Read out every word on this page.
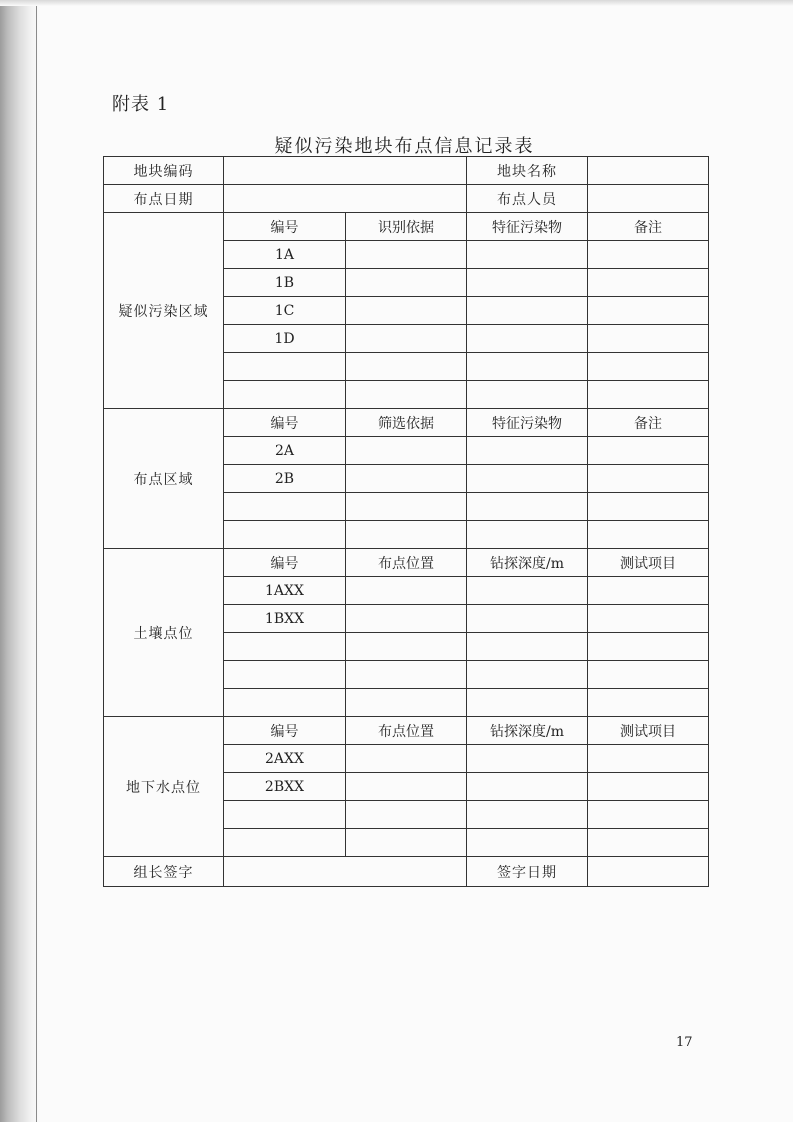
附表 1
疑似污染地块布点信息记录表
地块编码			地块名称	
布点日期			布点人员	
疑似污染区域	编号	识别依据	特征污染物	备注
	1A			
	1B			
	1C			
	1D			

布点区域	编号	筛选依据	特征污染物	备注
	2A			
	2B			

土壤点位	编号	布点位置	钻探深度/m	测试项目
	1AXX			
	1BXX			

地下水点位	编号	布点位置	钻探深度/m	测试项目
	2AXX			
	2BXX			

组长签字			签字日期	
17
